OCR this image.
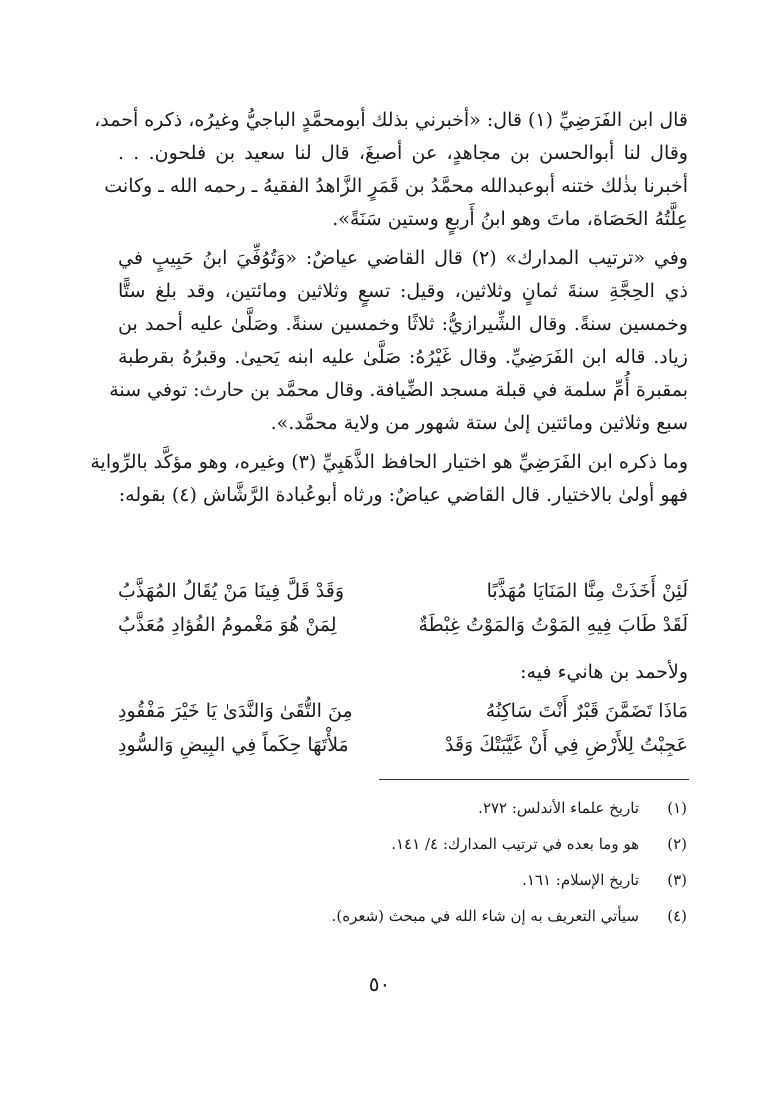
قال ابن الفَرَضِيِّ (١) قال: «أخبرني بذلك أبومحمَّدٍ الباجيُّ وغيرُه، ذكره أحمد،
وقال لنا أبوالحسن بن مجاهدٍ، عن أصبغَ، قال لنا سعيد بن فلحون. . .
أخبرنا بذٰلك ختنه أبوعبدالله محمَّدُ بن قَمَرٍ الزَّاهدُ الفقيهُ ـ رحمه الله ـ وكانت
عِلَّتُهُ الحَصَاة، ماتَ وهو ابنُ أَربعٍ وستين سَنَةً».

وفي «ترتيب المدارك» (٢) قال القاضي عياضٌ: «وَتُوُفِّيَ ابنُ حَبِيبٍ في
ذي الحِجَّةِ سنةَ ثمانٍ وثلاثين، وقيل: تسعٍ وثلاثين ومائتين، وقد بلغ ستًّا
وخمسين سنةً. وقال الشِّيرازيُّ: ثلاثًا وخمسين سنةً. وصَلَّىٰ عليه أحمد بن
زياد. قاله ابن الفَرَضِيِّ. وقال غَيْرُهُ: صَلَّىٰ عليه ابنه يَحيىٰ. وقبرُهُ بقرطبة
بمقبرة أُمِّ سلمة في قبلة مسجد الضِّيافة. وقال محمَّد بن حارث: توفي سنة
سبع وثلاثين ومائتين إلىٰ ستة شهور من ولاية محمَّد.».

وما ذكره ابن الفَرَضِيِّ هو اختيار الحافظ الذَّهَبِيِّ (٣) وغيره، وهو مؤكَّد بالرِّواية
فهو أولىٰ بالاختيار. قال القاضي عياضٌ: ورثاه أبوعُبادة الرَّشَّاش (٤) بقوله:

لَئِنْ أَخَذَتْ مِنَّا المَنَايَا مُهَذَّبًا
وَقَدْ قَلَّ فِينَا مَنْ يُقَالُ المُهَذَّبُ
لَقَدْ طَابَ فِيهِ المَوْتُ وَالمَوْتُ غِبْطَةٌ
لِمَنْ هُوَ مَغْمومُ الفُؤادِ مُعَذَّبُ
ولأحمد بن هانيء فيه:
مَاذَا تَضَمَّنَ قَبْرٌ أَنْتَ سَاكِنُهُ
مِنَ التُّقَىٰ وَالنَّدَىٰ يَا خَيْرَ مَفْقُودِ
عَجِبْتُ لِلأَرْضِ فِي أَنْ غَيَّبَتْكَ وَقَدْ
مَلأْتَهَا حِكَماً فِي البِيضِ وَالسُّودِ
(١)
تاريخ علماء الأندلس: ٢٧٢.
(٢)
هو وما بعده في ترتيب المدارك: ٤/ ١٤١.
(٣)
تاريخ الإسلام: ١٦١.
(٤)
سيأتي التعريف به إن شاء الله في مبحث (شعره).
٥٠
